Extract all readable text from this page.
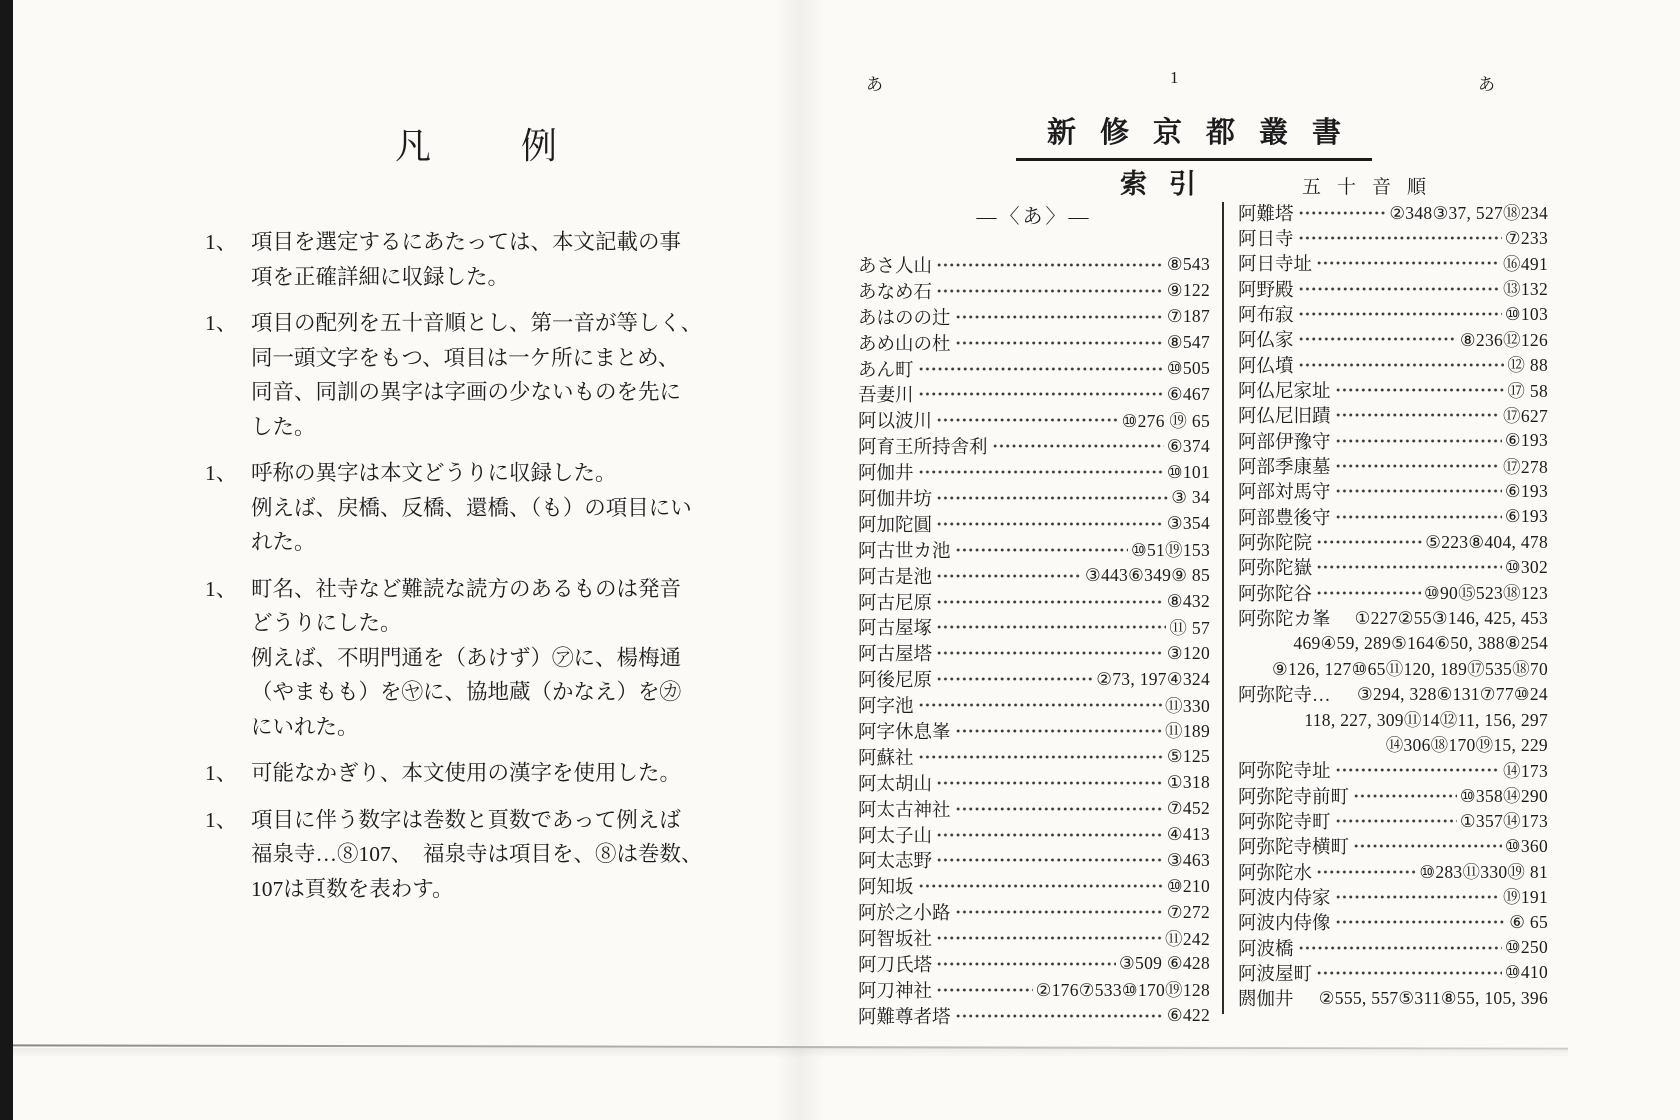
凡　　例
1、 項目を選定するにあたっては、本文記載の事
項を正確詳細に収録した。
1、 項目の配列を五十音順とし、第一音が等しく、
同一頭文字をもつ、項目は一ケ所にまとめ、
同音、同訓の異字は字画の少ないものを先に
した。
1、 呼称の異字は本文どうりに収録した。
例えば、戻橋、反橋、還橋、（も）の項目にい
れた。
1、 町名、社寺など難読な読方のあるものは発音
どうりにした。
例えば、不明門通を（あけず）㋐に、楊梅通
（やまもも）を㋳に、協地蔵（かなえ）を㋕
にいれた。
1、 可能なかぎり、本文使用の漢字を使用した。
1、 項目に伴う数字は巻数と頁数であって例えば
福泉寺…⑧107、　福泉寺は項目を、⑧は巻数、
107は頁数を表わす。
あ	1	あ
新修京都叢書
索引	五十音順
―〈あ〉―
あさ人山	⑧543
あなめ石	⑨122
あはのの辻	⑦187
あめ山の杜	⑧547
あん町	⑩505
吾妻川	⑥467
阿以波川	⑩276 ⑲ 65
阿育王所持舎利	⑥374
阿伽井	⑩101
阿伽井坊	③ 34
阿加陀圓	③354
阿古世カ池	⑩51⑲153
阿古是池	③443⑥349⑨ 85
阿古尼原	⑧432
阿古屋塚	⑪ 57
阿古屋塔	③120
阿後尼原	②73, 197④324
阿字池	⑪330
阿字休息峯	⑪189
阿蘇社	⑤125
阿太胡山	①318
阿太古神社	⑦452
阿太子山	④413
阿太志野	③463
阿知坂	⑩210
阿於之小路	⑦272
阿智坂社	⑪242
阿刀氏塔	③509 ⑥428
阿刀神社	②176⑦533⑩170⑲128
阿難尊者塔	⑥422
阿難塔	②348③37, 527⑱234
阿日寺	⑦233
阿日寺址	⑯491
阿野殿	⑬132
阿布寂	⑩103
阿仏家	⑧236⑫126
阿仏墳	⑫ 88
阿仏尼家址	⑰ 58
阿仏尼旧蹟	⑰627
阿部伊豫守	⑥193
阿部季康墓	⑰278
阿部対馬守	⑥193
阿部豊後守	⑥193
阿弥陀院	⑤223⑧404, 478
阿弥陀嶽	⑩302
阿弥陀谷	⑩90⑮523⑱123
阿弥陀カ峯 ①227②55③146, 425, 453
469④59, 289⑤164⑥50, 388⑧254
⑨126, 127⑩65⑪120, 189⑰535⑱70
阿弥陀寺… ③294, 328⑥131⑦77⑩24
118, 227, 309⑪14⑫11, 156, 297
⑭306⑱170⑲15, 229
阿弥陀寺址	⑭173
阿弥陀寺前町	⑩358⑭290
阿弥陀寺町	①357⑭173
阿弥陀寺横町	⑩360
阿弥陀水	⑩283⑪330⑲ 81
阿波内侍家	⑲191
阿波内侍像	⑥ 65
阿波橋	⑩250
阿波屋町	⑩410
閼伽井 ②555, 557⑤311⑧55, 105, 396
